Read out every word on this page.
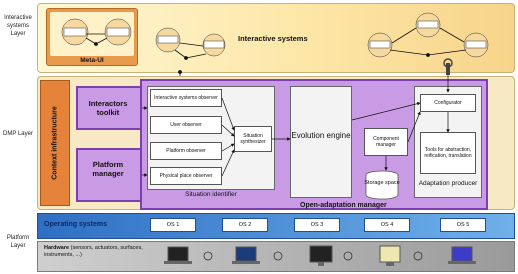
Interactive systems Layer
DMP Layer
Platform Layer
Meta-UI
Interactive systems
Context infrastructure
Interactors toolkit
Platform manager
Interactive systems observer
User observer
Platform observer
Physical place observer
Situation synthesizer
Situation identifier
Evolution engine	Component manager
Storage space
Configurator
Tools for abstraction, reification, translation
Adaptation producer
Open-adaptation manager
Operating systems	OS 1	OS 2	OS 3	OS 4	OS 5
Hardware (sensors, actuators, surfaces, instruments, ...)
